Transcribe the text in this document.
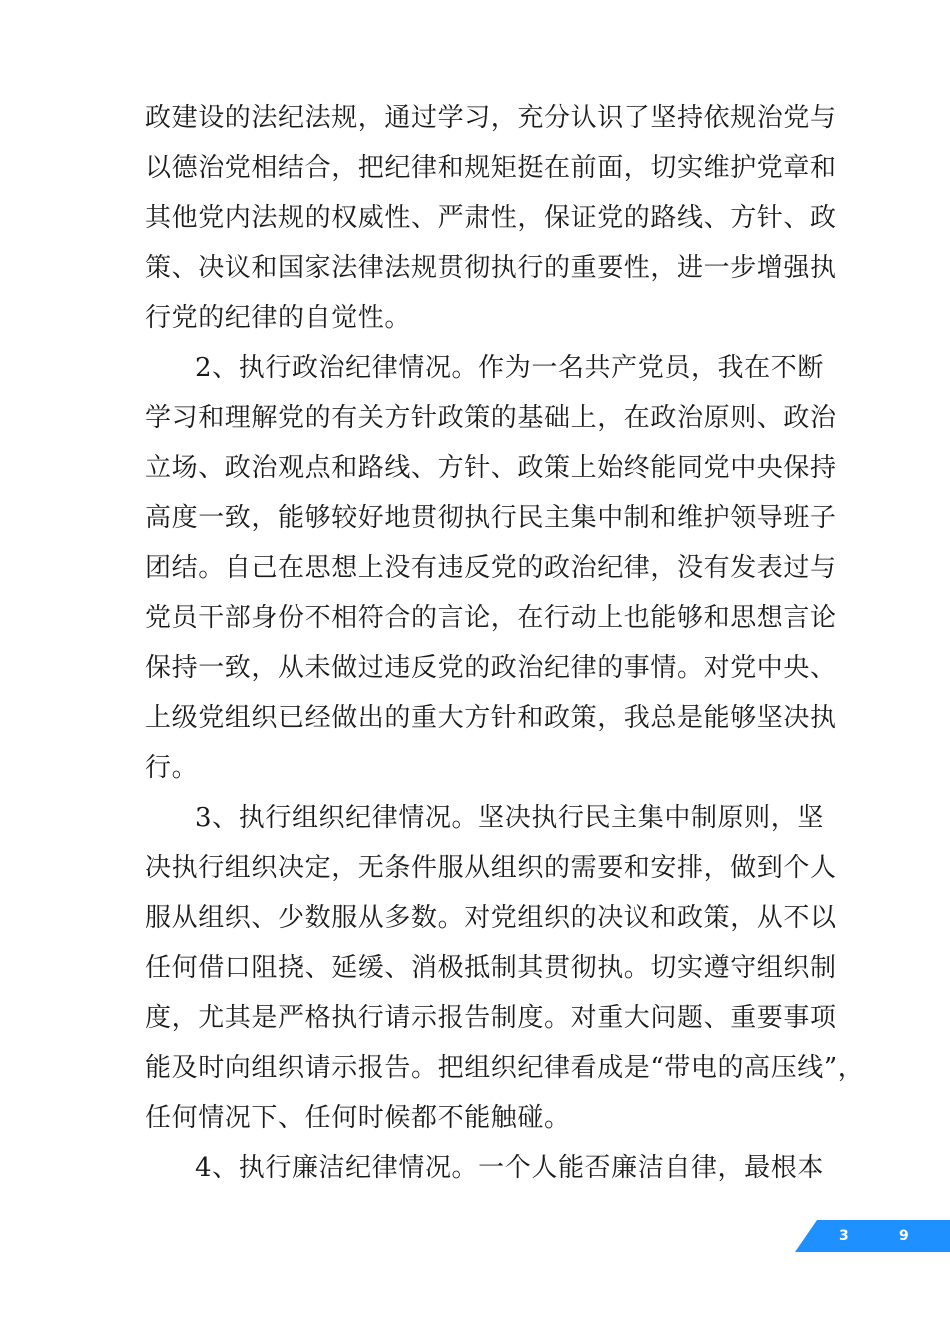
政建设的法纪法规，通过学习，充分认识了坚持依规治党与
以德治党相结合，把纪律和规矩挺在前面，切实维护党章和
其他党内法规的权威性、严肃性，保证党的路线、方针、政
策、决议和国家法律法规贯彻执行的重要性，进一步增强执
行党的纪律的自觉性。
2、执行政治纪律情况。作为一名共产党员，我在不断
学习和理解党的有关方针政策的基础上，在政治原则、政治
立场、政治观点和路线、方针、政策上始终能同党中央保持
高度一致，能够较好地贯彻执行民主集中制和维护领导班子
团结。自己在思想上没有违反党的政治纪律，没有发表过与
党员干部身份不相符合的言论，在行动上也能够和思想言论
保持一致，从未做过违反党的政治纪律的事情。对党中央、
上级党组织已经做出的重大方针和政策，我总是能够坚决执
行。
3、执行组织纪律情况。坚决执行民主集中制原则，坚
决执行组织决定，无条件服从组织的需要和安排，做到个人
服从组织、少数服从多数。对党组织的决议和政策，从不以
任何借口阻挠、延缓、消极抵制其贯彻执。切实遵守组织制
度，尤其是严格执行请示报告制度。对重大问题、重要事项
能及时向组织请示报告。把组织纪律看成是“带电的高压线”，
任何情况下、任何时候都不能触碰。
4、执行廉洁纪律情况。一个人能否廉洁自律，最根本
3	9
